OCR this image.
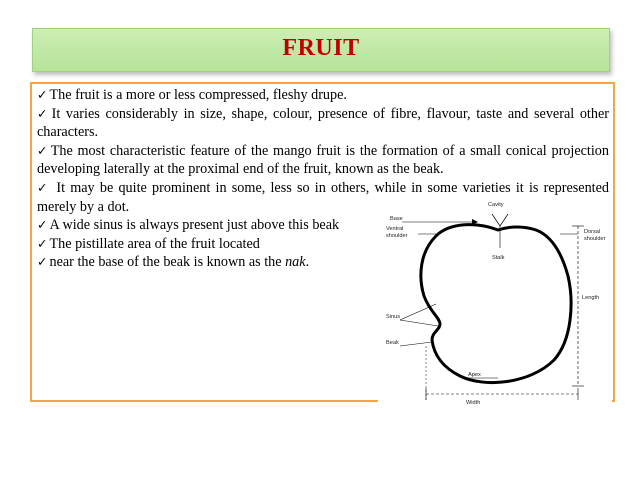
FRUIT
✓ The fruit is a more or less compressed, fleshy drupe.
✓ It varies considerably in size, shape, colour, presence of fibre, flavour, taste and several other characters.
✓ The most characteristic feature of the mango fruit is the formation of a small conical projection developing laterally at the proximal end of the fruit, known as the beak.
✓ It may be quite prominent in some, less so in others, while in some varieties it is represented merely by a dot.
✓ A wide sinus is always present just above this beak
✓ The pistillate area of the fruit located
✓ near the base of the beak is known as the nak.
Cavity
Base
Ventral
shoulder
Dorsal
shoulder
Stalk
Length
Sinus
Beak
Apex
Width
